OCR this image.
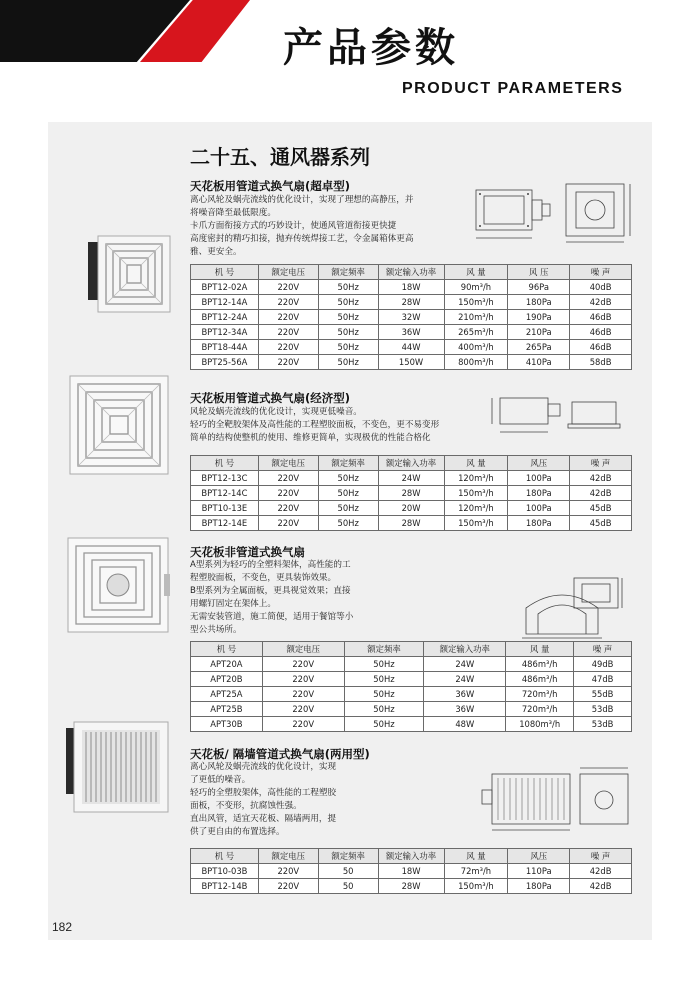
产品参数
PRODUCT PARAMETERS
二十五、通风器系列
天花板用管道式换气扇(超卓型)
离心风轮及蜗壳流线的优化设计，实现了理想的高静压，并
将噪音降至最低限度。
卡爪方面衔接方式的巧妙设计，使通风管道衔接更快捷
高度密封的精巧扣接，抛弃传统焊接工艺，令金属箱体更高
雅、更安全。
机 号	额定电压	额定频率	额定输入功率	风 量	风 压	噪 声
BPT12-02A	220V	50Hz	18W	90m³/h	96Pa	40dB
BPT12-14A	220V	50Hz	28W	150m³/h	180Pa	42dB
BPT12-24A	220V	50Hz	32W	210m³/h	190Pa	46dB
BPT12-34A	220V	50Hz	36W	265m³/h	210Pa	46dB
BPT18-44A	220V	50Hz	44W	400m³/h	265Pa	46dB
BPT25-56A	220V	50Hz	150W	800m³/h	410Pa	58dB
天花板用管道式换气扇(经济型)
风轮及蜗壳流线的优化设计，实现更低噪音。
轻巧的全靶胶架体及高性能的工程塑胶面板，不变色，更不易变形
简单的结构使整机的使用、维修更简单，实现极优的性能合格化
机 号	额定电压	额定频率	额定输入功率	风 量	风压	噪 声
BPT12-13C	220V	50Hz	24W	120m³/h	100Pa	42dB
BPT12-14C	220V	50Hz	28W	150m³/h	180Pa	42dB
BPT10-13E	220V	50Hz	20W	120m³/h	100Pa	45dB
BPT12-14E	220V	50Hz	28W	150m³/h	180Pa	45dB
天花板非管道式换气扇
A型系列为轻巧的全塑料架体，高性能的工
程塑胶面板，不变色，更具装饰效果。
B型系列为全属面板，更具视觉效果；直接
用螺钉固定在架体上。
无需安装管道，施工简便，适用于餐馆等小
型公共场所。
机 号	额定电压	额定频率	额定输入功率	风 量	噪 声
APT20A	220V	50Hz	24W	486m³/h	49dB
APT20B	220V	50Hz	24W	486m³/h	47dB
APT25A	220V	50Hz	36W	720m³/h	55dB
APT25B	220V	50Hz	36W	720m³/h	53dB
APT30B	220V	50Hz	48W	1080m³/h	53dB
天花板/ 隔墙管道式换气扇(两用型)
离心风轮及蜗壳流线的优化设计，实现
了更低的噪音。
轻巧的全塑胶架体，高性能的工程塑胶
面板，不变形，抗腐蚀性强。
直出风管，适宜天花板、隔墙两用，提
供了更自由的布置选择。
机 号	额定电压	额定频率	额定输入功率	风 量	风压	噪 声
BPT10-03B	220V	50	18W	72m³/h	110Pa	42dB
BPT12-14B	220V	50	28W	150m³/h	180Pa	42dB
182
